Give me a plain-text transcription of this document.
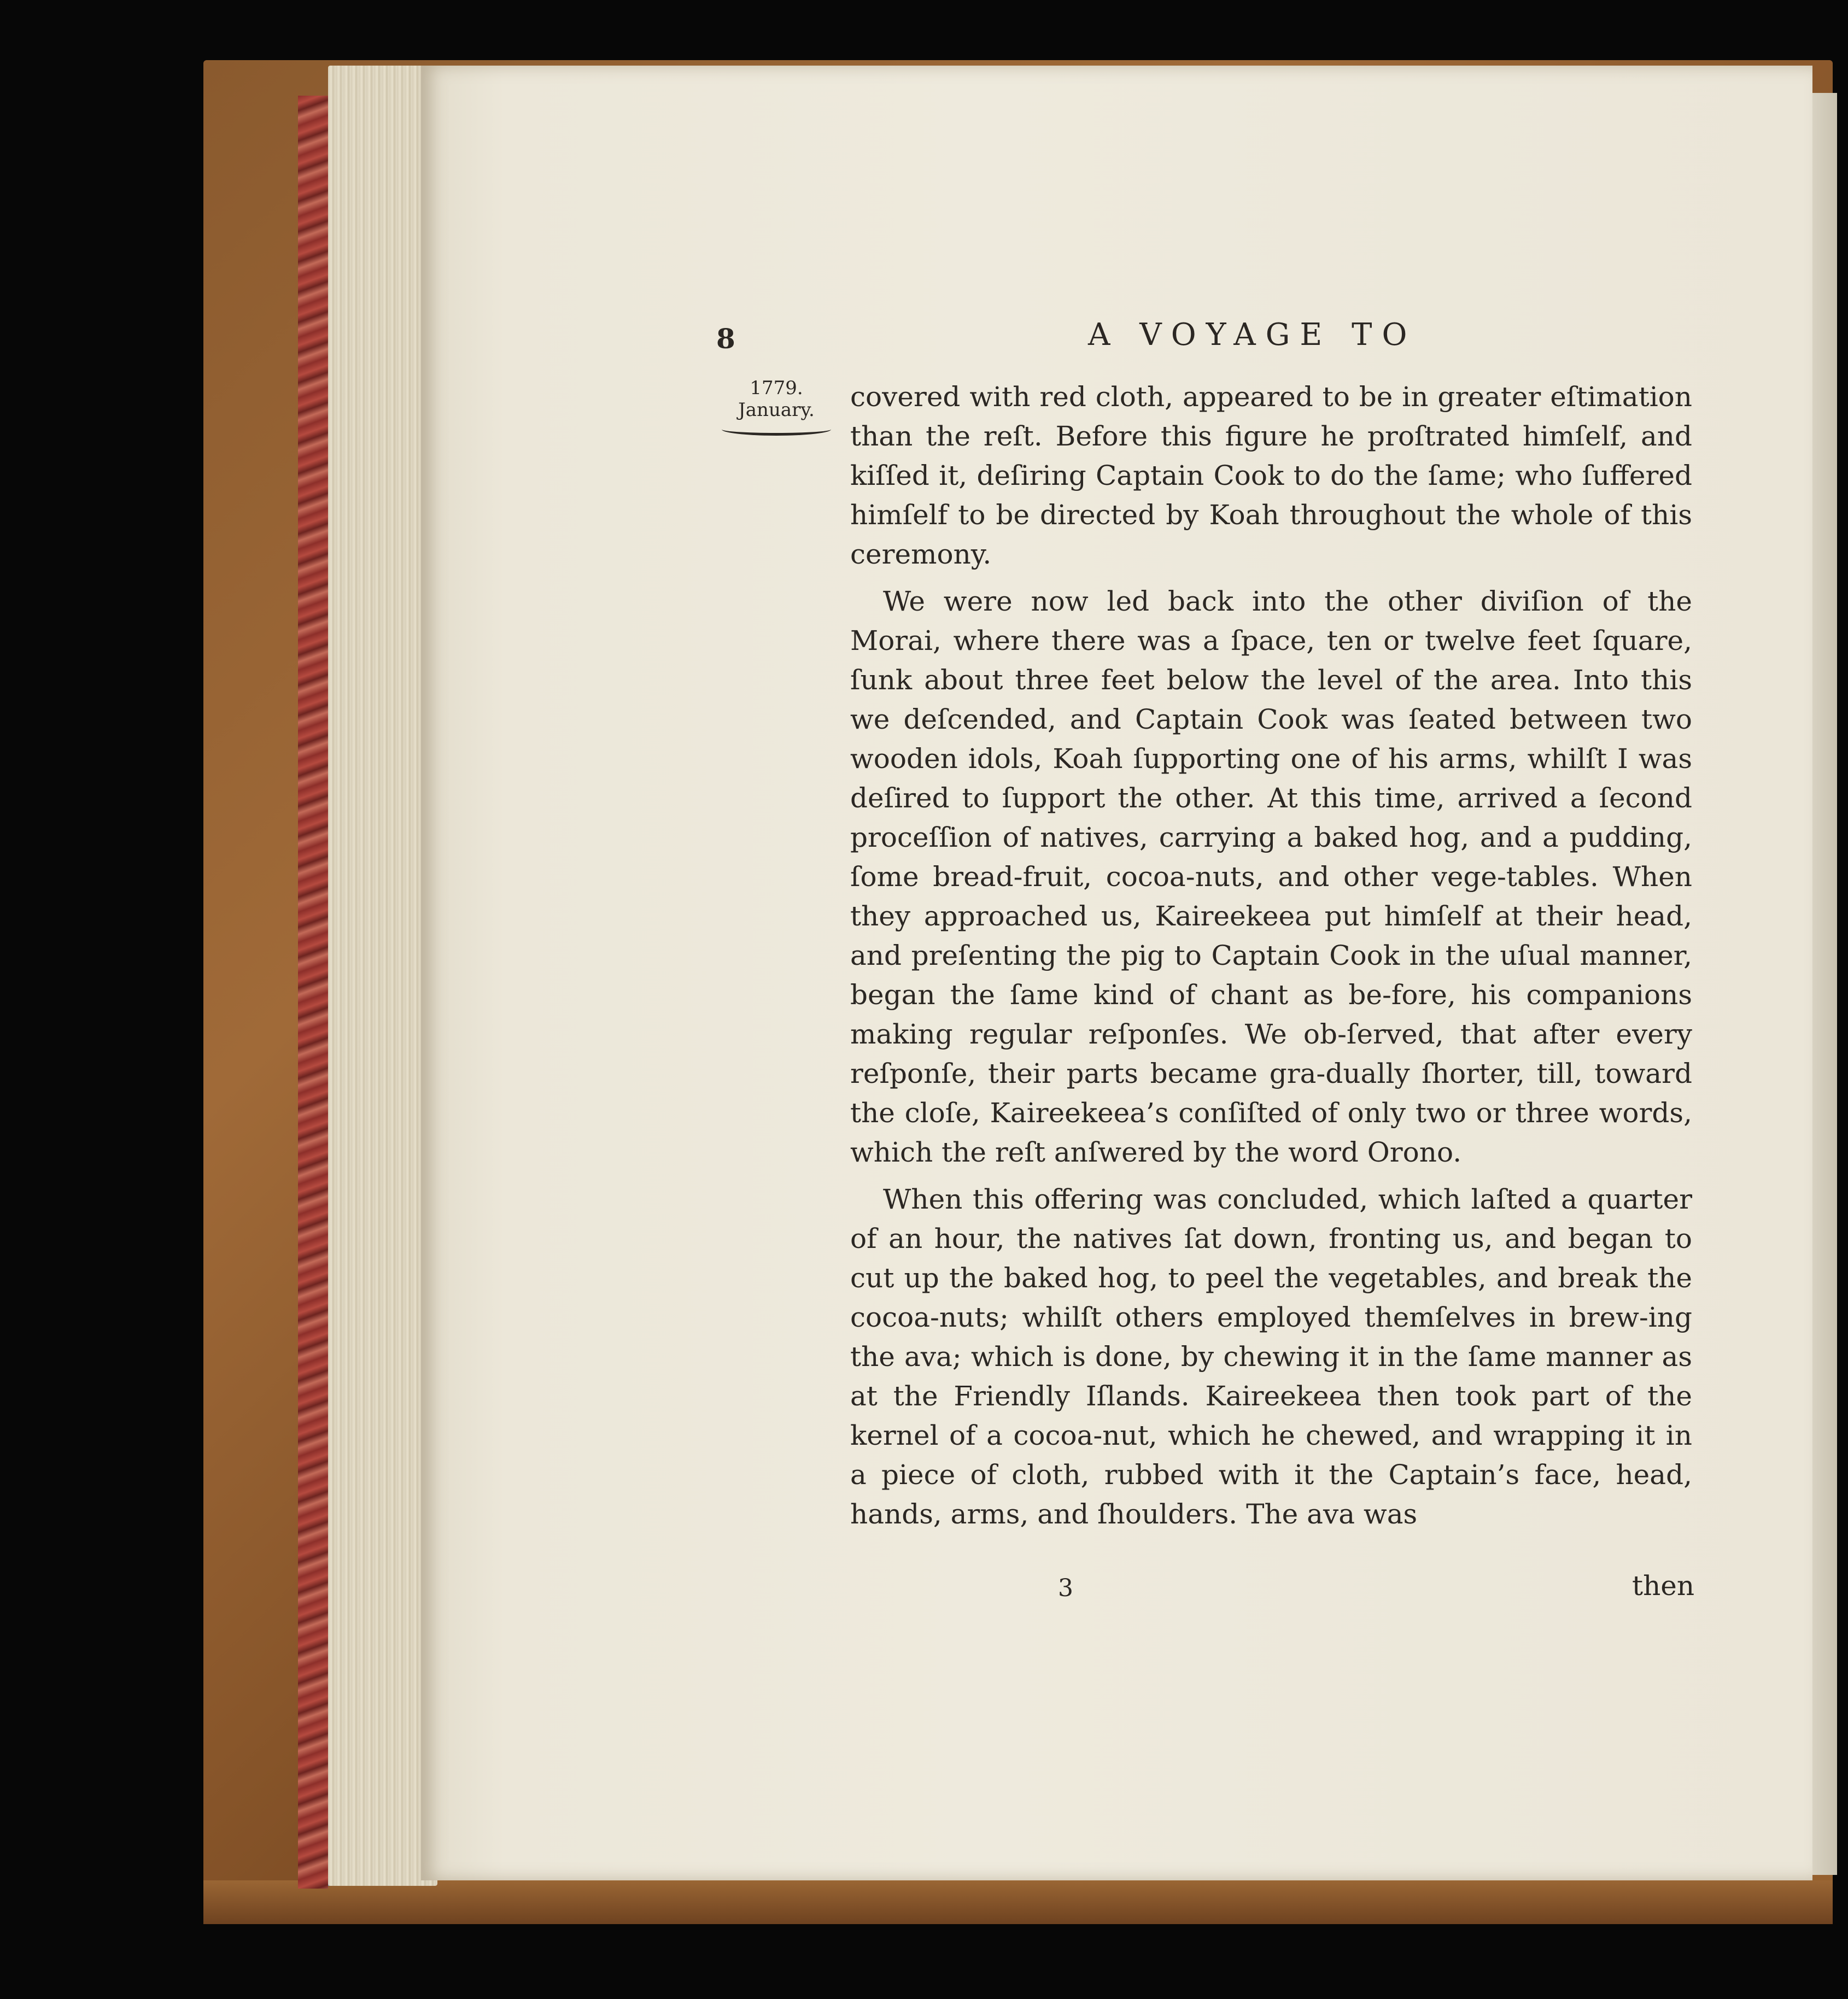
8	A VOYAGE TO
1779.
January.	covered with red cloth, appeared to be in greater eſtimation than the reſt. Before this figure he proſtrated himſelf, and kiſſed it, deſiring Captain Cook to do the ſame; who ſuffered himſelf to be directed by Koah throughout the whole of this ceremony.

We were now led back into the other diviſion of the Morai, where there was a ſpace, ten or twelve feet ſquare, ſunk about three feet below the level of the area. Into this we deſcended, and Captain Cook was ſeated between two wooden idols, Koah ſupporting one of his arms, whilſt I was deſired to ſupport the other. At this time, arrived a ſecond proceſſion of natives, carrying a baked hog, and a pudding, ſome bread-fruit, cocoa-nuts, and other vege-tables. When they approached us, Kaireekeea put himſelf at their head, and preſenting the pig to Captain Cook in the uſual manner, began the ſame kind of chant as be-fore, his companions making regular reſponſes. We ob-ſerved, that after every reſponſe, their parts became gra-dually ſhorter, till, toward the cloſe, Kaireekeea’s conſiſted of only two or three words, which the reſt anſwered by the word Orono.

When this offering was concluded, which laſted a quarter of an hour, the natives ſat down, fronting us, and began to cut up the baked hog, to peel the vegetables, and break the cocoa-nuts; whilſt others employed themſelves in brew-ing the ava; which is done, by chewing it in the ſame manner as at the Friendly Iſlands. Kaireekeea then took part of the kernel of a cocoa-nut, which he chewed, and wrapping it in a piece of cloth, rubbed with it the Captain’s face, head, hands, arms, and ſhoulders. The ava was

3	then
